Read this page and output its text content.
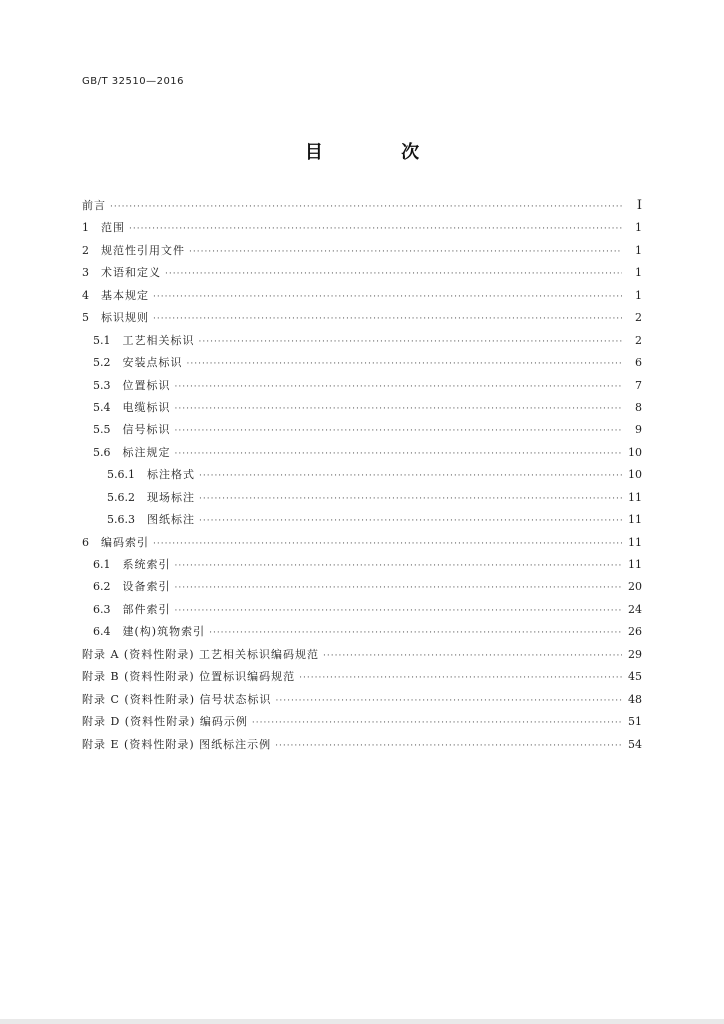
GB/T 32510—2016
目 次
前言 ·····	Ⅰ
1 范围 ·····	1
2 规范性引用文件 ·····	1
3 术语和定义 ·····	1
4 基本规定 ·····	1
5 标识规则 ·····	2
5.1 工艺相关标识 ·····	2
5.2 安装点标识 ·····	6
5.3 位置标识 ·····	7
5.4 电缆标识 ·····	8
5.5 信号标识 ·····	9
5.6 标注规定 ·····	10
5.6.1 标注格式 ·····	10
5.6.2 现场标注 ·····	11
5.6.3 图纸标注 ·····	11
6 编码索引 ·····	11
6.1 系统索引 ·····	11
6.2 设备索引 ·····	20
6.3 部件索引 ·····	24
6.4 建(构)筑物索引 ·····	26
附录 A (资料性附录) 工艺相关标识编码规范 ·····	29
附录 B (资料性附录) 位置标识编码规范 ·····	45
附录 C (资料性附录) 信号状态标识 ·····	48
附录 D (资料性附录) 编码示例 ·····	51
附录 E (资料性附录) 图纸标注示例 ·····	54
